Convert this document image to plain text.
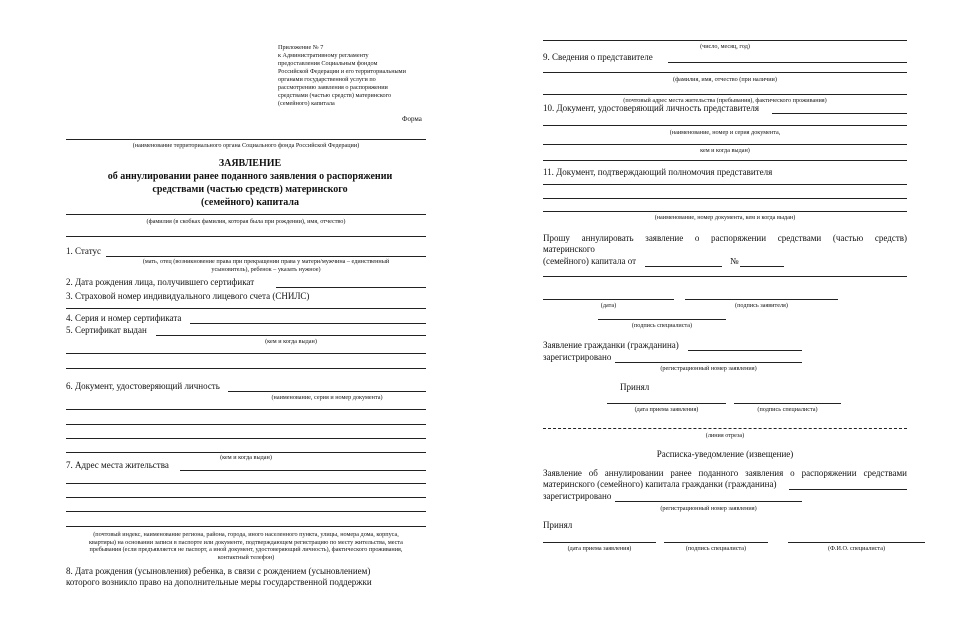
Приложение № 7
к Административному регламенту
предоставления Социальным фондом
Российской Федерации и его территориальными
органами государственной услуги по
рассмотрению заявления о распоряжении
средствами (частью средств) материнского
(семейного) капитала
Форма
(наименование территориального органа Социального фонда Российской Федерации)
ЗАЯВЛЕНИЕ
об аннулировании ранее поданного заявления о распоряжении
средствами (частью средств) материнского
(семейного) капитала
(фамилия (в скобках фамилия, которая была при рождении), имя, отчество)
1. Статус
(мать, отец (возникновение права при прекращении права у матери/мужчина – единственный
усыновитель), ребенок – указать нужное)
2. Дата рождения лица, получившего сертификат
3. Страховой номер индивидуального лицевого счета (СНИЛС)
4. Серия и номер сертификата
5. Сертификат выдан
(кем и когда выдан)
6. Документ, удостоверяющий личность
(наименование, серия и номер документа)
(кем и когда выдан)
7. Адрес места жительства
(почтовый индекс, наименование региона, района, города, иного населенного пункта, улицы, номера дома, корпуса,
квартиры) на основании записи в паспорте или документе, подтверждающем регистрацию по месту жительства, места
пребывания (если предъявляется не паспорт, а иной документ, удостоверяющий личность), фактического проживания,
контактный телефон)
8. Дата рождения (усыновления) ребенка, в связи с рождением (усыновлением)
которого возникло право на дополнительные меры государственной поддержки
(число, месяц, год)
9. Сведения о представителе
(фамилия, имя, отчество (при наличии)
(почтовый адрес места жительства (пребывания), фактического проживания)
10. Документ, удостоверяющий личность представителя
(наименование, номер и серия документа,
кем и когда выдан)
11. Документ, подтверждающий полномочия представителя
(наименование, номер документа, кем и когда выдан)
Прошу аннулировать заявление о распоряжении средствами (частью средств)
материнского
(семейного) капитала от	№
(дата)	(подпись заявителя)
(подпись специалиста)
Заявление гражданки (гражданина)
зарегистрировано
(регистрационный номер заявления)
Принял
(дата приема заявления)	(подпись специалиста)
(линия отреза)
Расписка-уведомление (извещение)
Заявление об аннулировании ранее поданного заявления о распоряжении средствами
материнского (семейного) капитала гражданки (гражданина)
зарегистрировано
(регистрационный номер заявления)
Принял
(дата приема заявления)	(подпись специалиста)	(Ф.И.О. специалиста)
